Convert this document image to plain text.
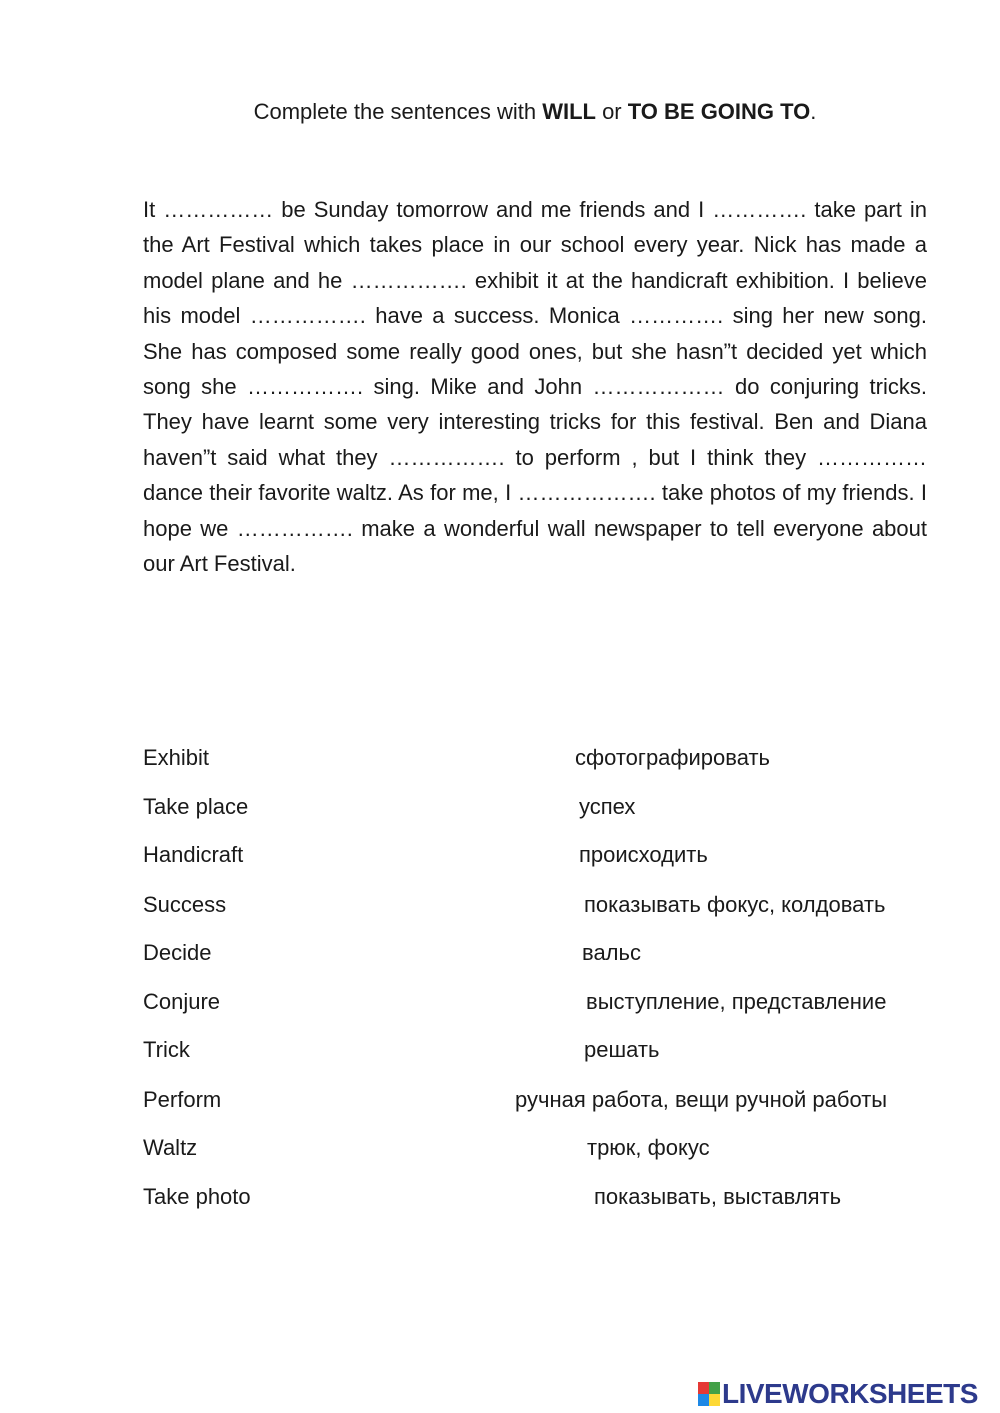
Complete the sentences with WILL or TO BE GOING TO.

It …………… be Sunday tomorrow and me friends and I …………. take part in the Art Festival which takes place in our school every year. Nick has made a model plane and he ……………. exhibit it at the handicraft exhibition. I believe his model ……………. have a success. Monica …………. sing her new song. She has composed some really good ones, but she hasn”t decided yet which song she ……………. sing. Mike and John ……………… do conjuring tricks. They have learnt some very interesting tricks for this festival. Ben and Diana haven”t said what they ……………. to perform , but I think they …………… dance their favorite waltz. As for me, I ………………. take photos of my friends. I hope we ……………. make a wonderful wall newspaper to tell everyone about our Art Festival.

Exhibit	сфотографировать
Take place	успех
Handicraft	происходить
Success	показывать фокус, колдовать
Decide	вальс
Conjure	выступление, представление
Trick	решать
Perform	ручная работа, вещи ручной работы
Waltz	трюк, фокус
Take photo	показывать, выставлять
LIVEWORKSHEETS
